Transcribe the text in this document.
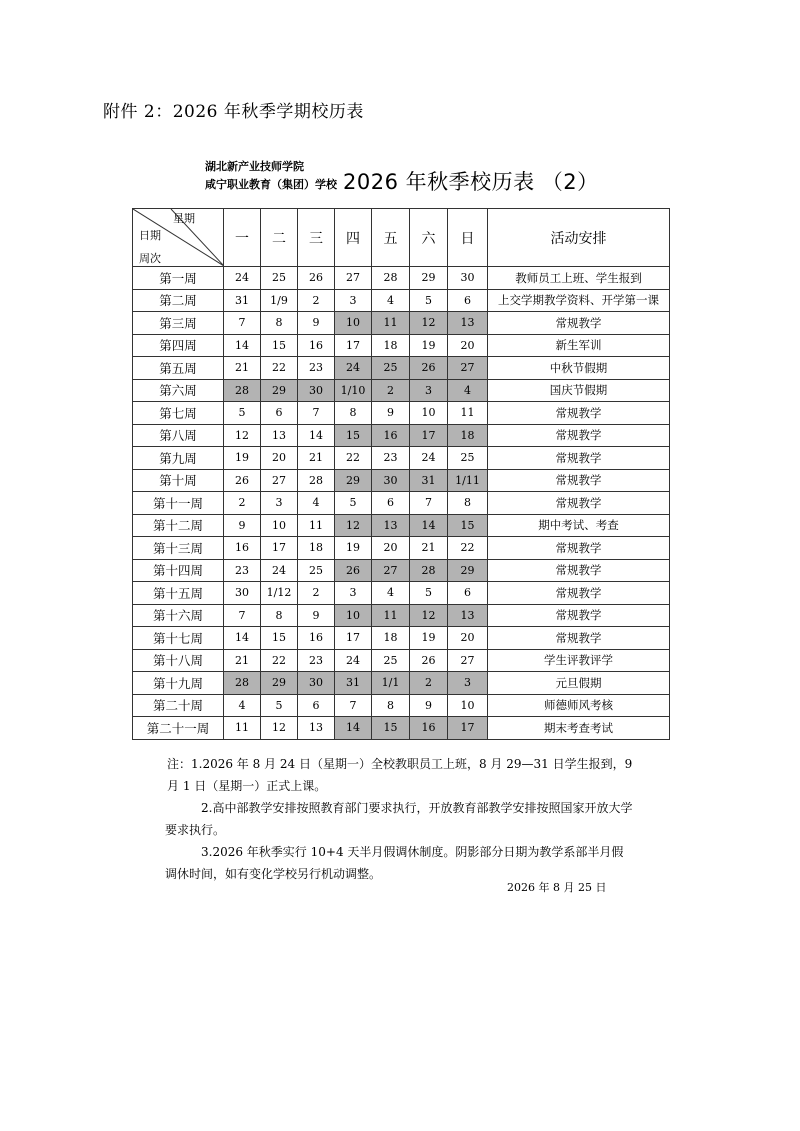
附件 2：2026 年秋季学期校历表
湖北新产业技师学院
咸宁职业教育（集团）学校 2026 年秋季校历表 （2）
星期
日期
周次	一	二	三	四	五	六	日	活动安排
第一周	24	25	26	27	28	29	30	教师员工上班、学生报到
第二周	31	1/9	2	3	4	5	6	上交学期教学资料、开学第一课
第三周	7	8	9	10	11	12	13	常规教学
第四周	14	15	16	17	18	19	20	新生军训
第五周	21	22	23	24	25	26	27	中秋节假期
第六周	28	29	30	1/10	2	3	4	国庆节假期
第七周	5	6	7	8	9	10	11	常规教学
第八周	12	13	14	15	16	17	18	常规教学
第九周	19	20	21	22	23	24	25	常规教学
第十周	26	27	28	29	30	31	1/11	常规教学
第十一周	2	3	4	5	6	7	8	常规教学
第十二周	9	10	11	12	13	14	15	期中考试、考查
第十三周	16	17	18	19	20	21	22	常规教学
第十四周	23	24	25	26	27	28	29	常规教学
第十五周	30	1/12	2	3	4	5	6	常规教学
第十六周	7	8	9	10	11	12	13	常规教学
第十七周	14	15	16	17	18	19	20	常规教学
第十八周	21	22	23	24	25	26	27	学生评教评学
第十九周	28	29	30	31	1/1	2	3	元旦假期
第二十周	4	5	6	7	8	9	10	师德师风考核
第二十一周	11	12	13	14	15	16	17	期末考查考试

注：1.2026 年 8 月 24 日（星期一）全校教职员工上班，8 月 29—31 日学生报到，9 月 1 日（星期一）正式上课。

2.高中部教学安排按照教育部门要求执行，开放教育部教学安排按照国家开放大学要求执行。

3.2026 年秋季实行 10+4 天半月假调休制度。阴影部分日期为教学系部半月假调休时间，如有变化学校另行机动调整。

2026 年 8 月 25 日
